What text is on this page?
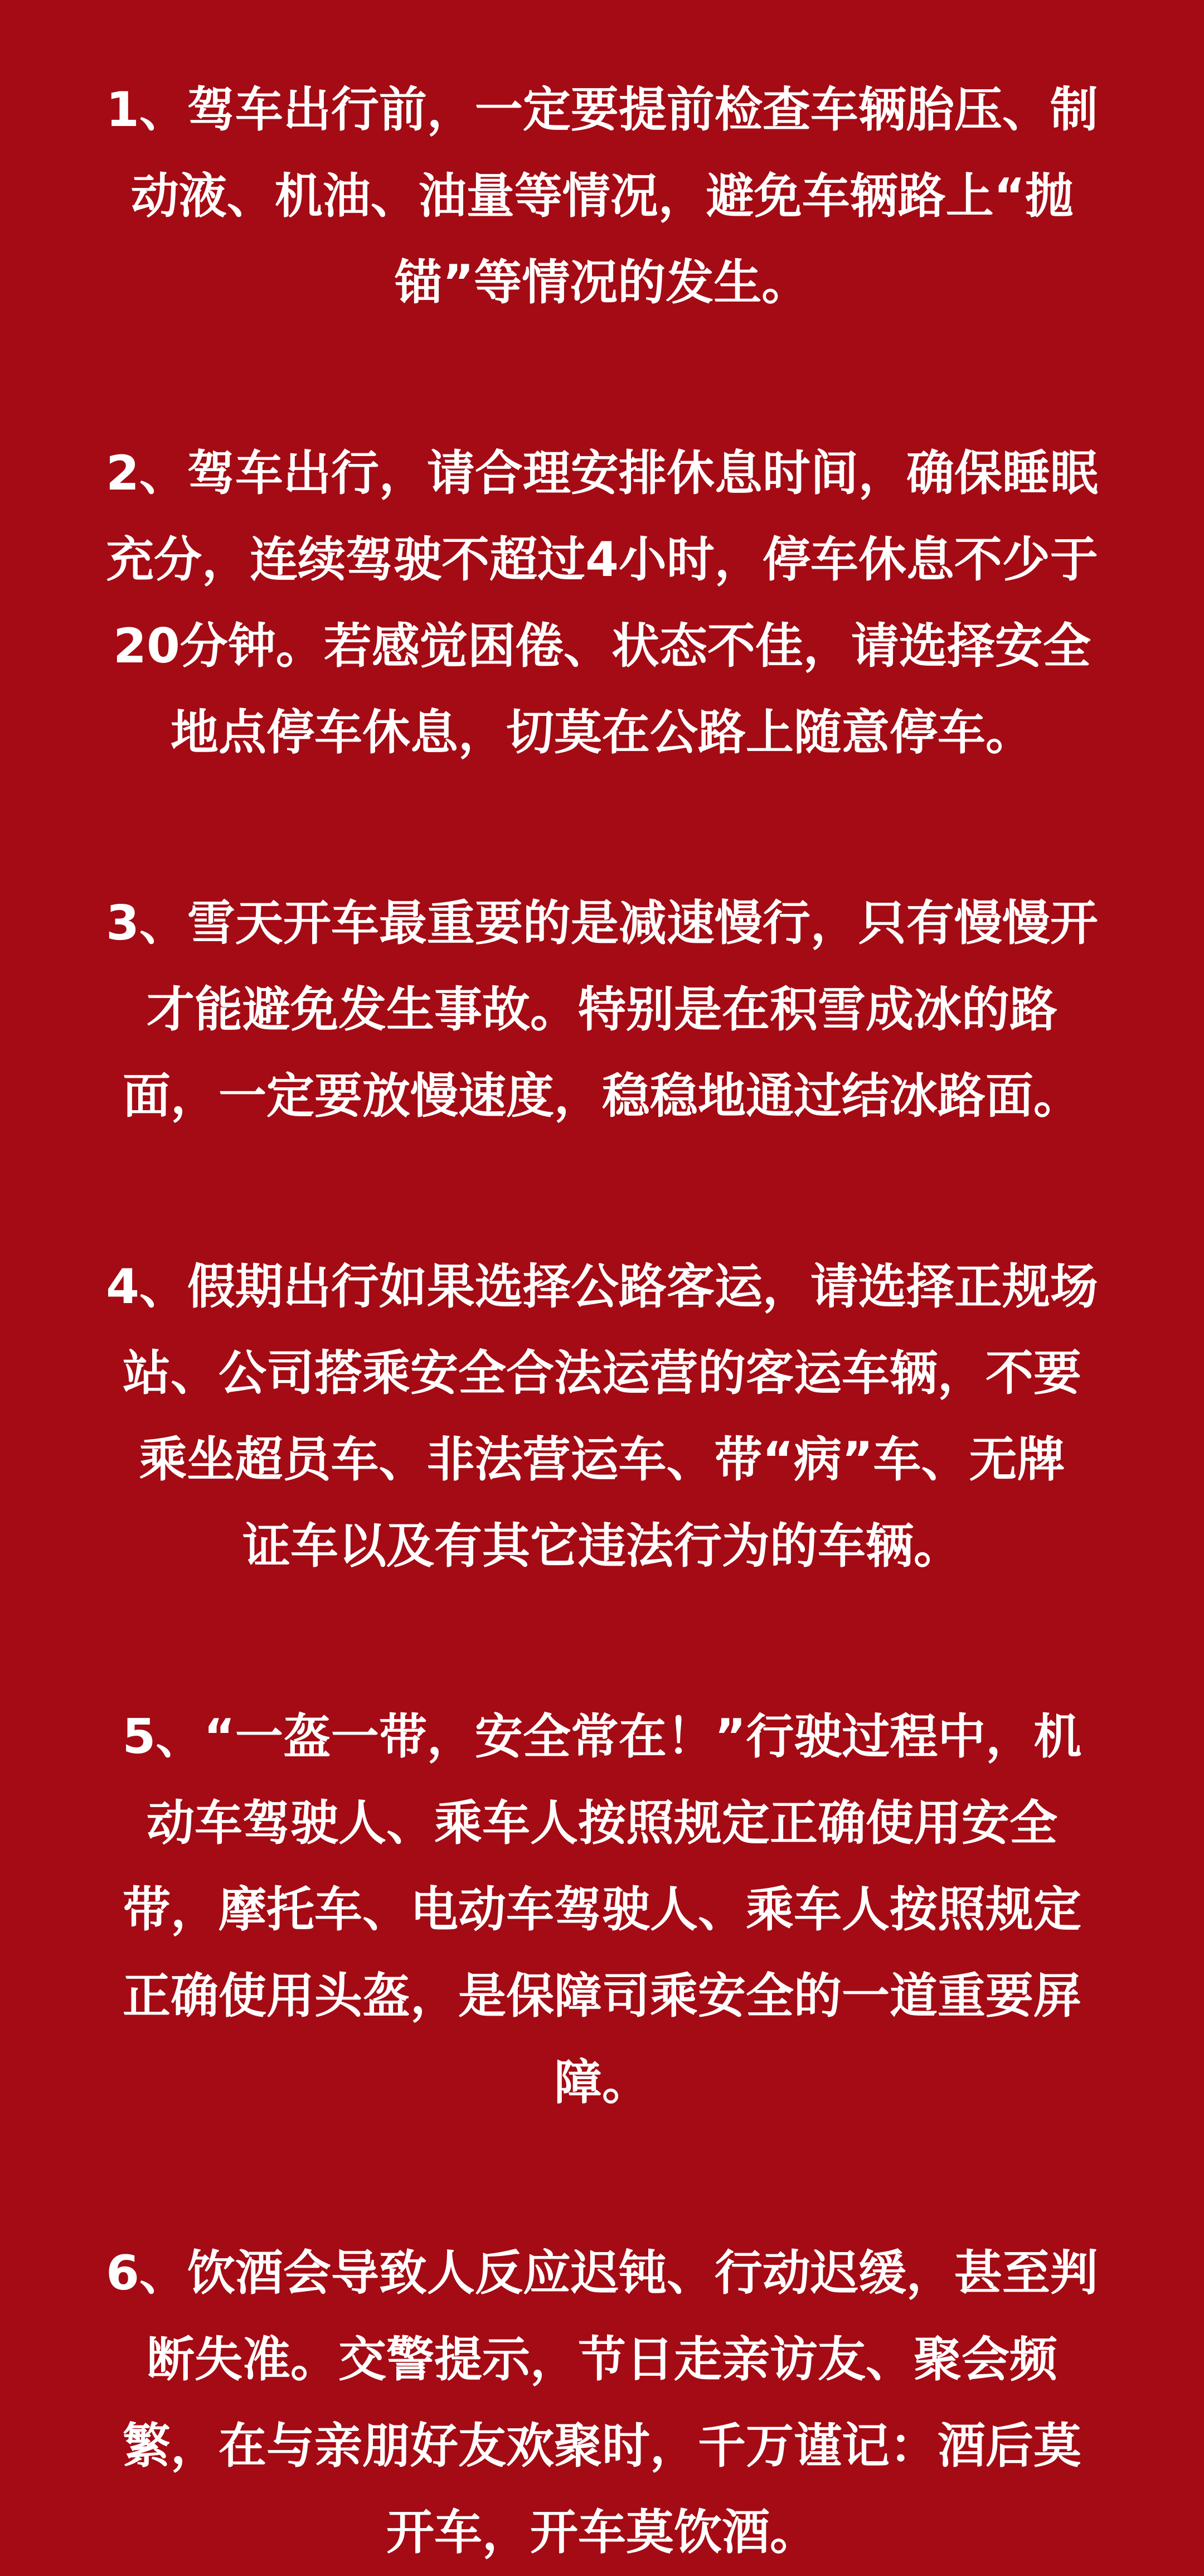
1、驾车出行前，一定要提前检查车辆胎压、制
动液、机油、油量等情况，避免车辆路上“抛
锚”等情况的发生。
2、驾车出行，请合理安排休息时间，确保睡眠
充分，连续驾驶不超过4小时，停车休息不少于
20分钟。若感觉困倦、状态不佳，请选择安全
地点停车休息，切莫在公路上随意停车。
3、雪天开车最重要的是减速慢行，只有慢慢开
才能避免发生事故。特别是在积雪成冰的路
面，一定要放慢速度，稳稳地通过结冰路面。
4、假期出行如果选择公路客运，请选择正规场
站、公司搭乘安全合法运营的客运车辆，不要
乘坐超员车、非法营运车、带“病”车、无牌
证车以及有其它违法行为的车辆。
5、“一盔一带，安全常在！”行驶过程中，机
动车驾驶人、乘车人按照规定正确使用安全
带，摩托车、电动车驾驶人、乘车人按照规定
正确使用头盔，是保障司乘安全的一道重要屏
障。
6、饮酒会导致人反应迟钝、行动迟缓，甚至判
断失准。交警提示，节日走亲访友、聚会频
繁，在与亲朋好友欢聚时，千万谨记：酒后莫
开车，开车莫饮酒。
